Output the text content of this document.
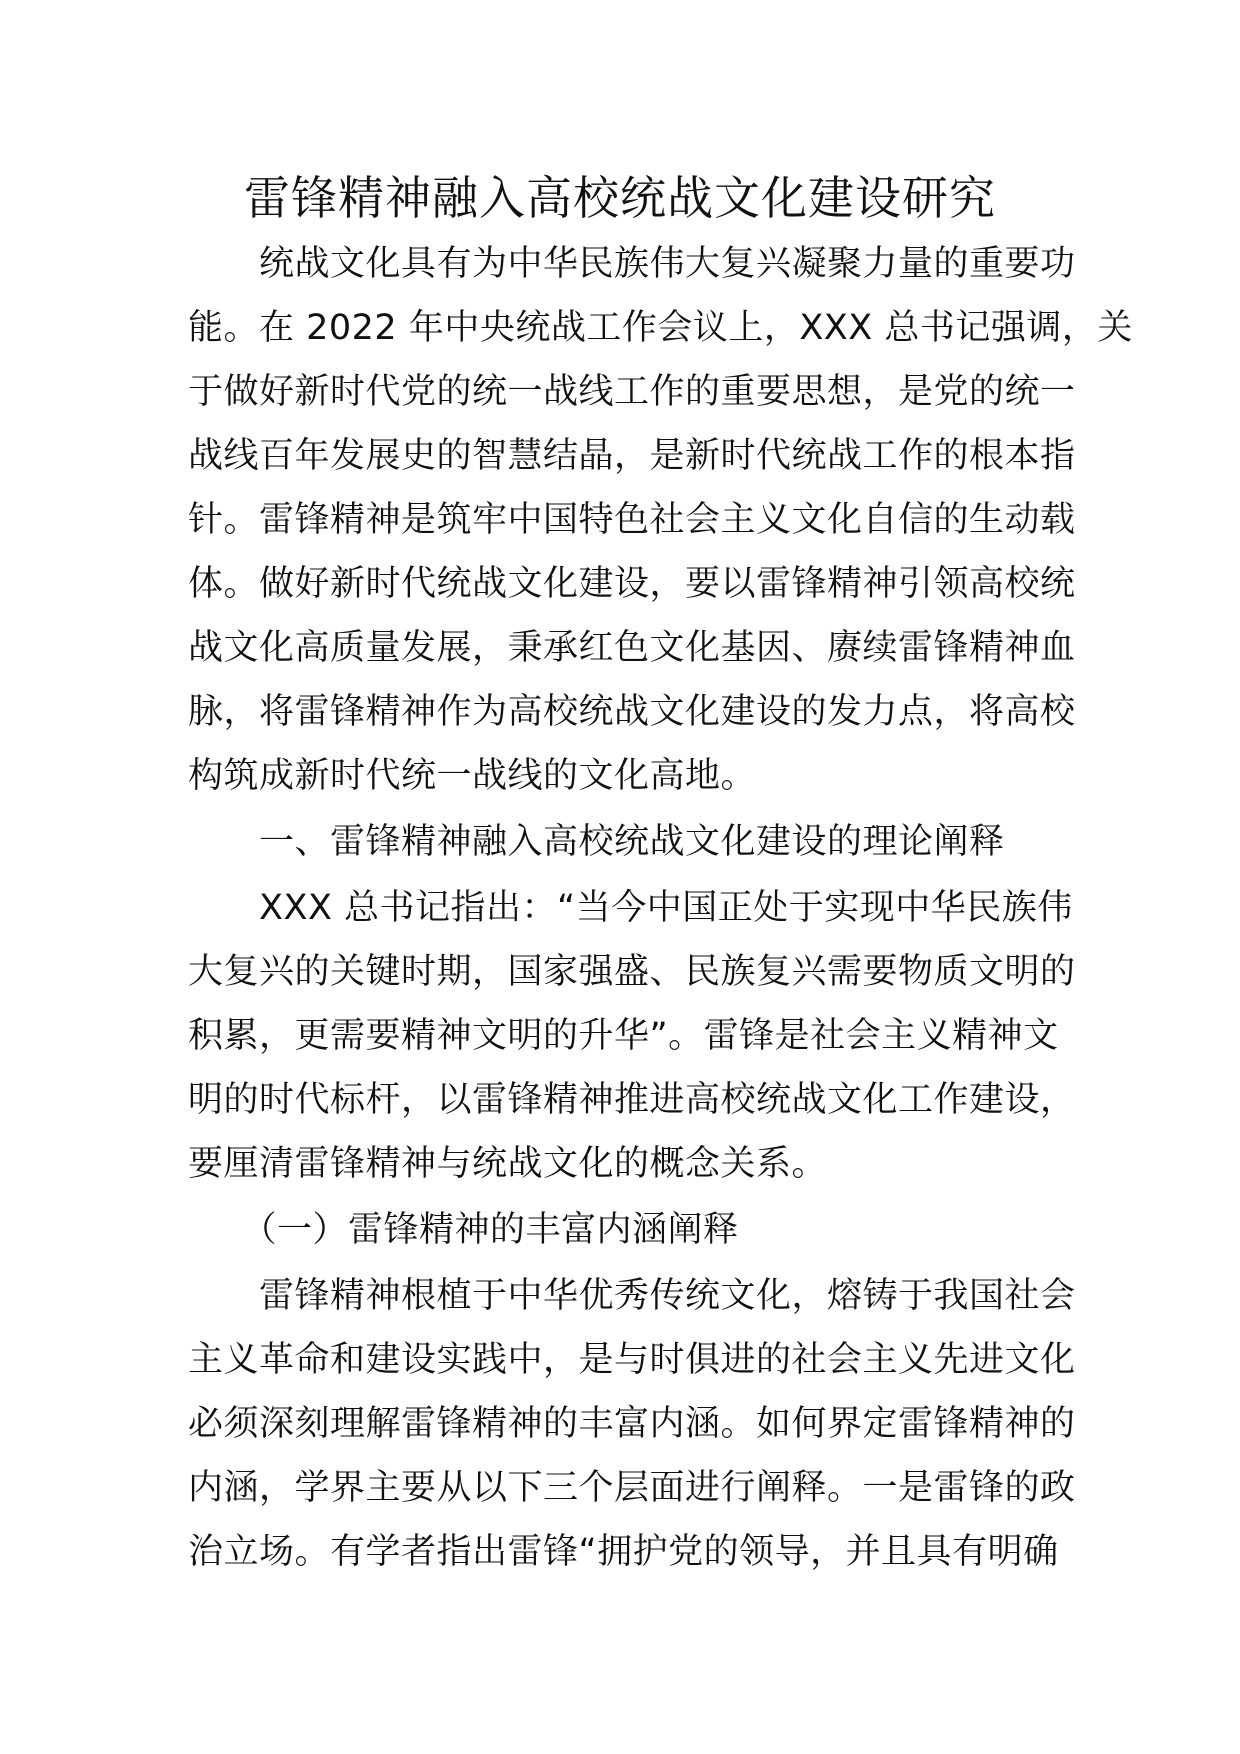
雷锋精神融入高校统战文化建设研究
　　统战文化具有为中华民族伟大复兴凝聚力量的重要功
能。在 2022 年中央统战工作会议上，XXX 总书记强调，关
于做好新时代党的统一战线工作的重要思想，是党的统一
战线百年发展史的智慧结晶，是新时代统战工作的根本指
针。雷锋精神是筑牢中国特色社会主义文化自信的生动载
体。做好新时代统战文化建设，要以雷锋精神引领高校统
战文化高质量发展，秉承红色文化基因、赓续雷锋精神血
脉，将雷锋精神作为高校统战文化建设的发力点，将高校
构筑成新时代统一战线的文化高地。
　　一、雷锋精神融入高校统战文化建设的理论阐释
　　XXX 总书记指出：“当今中国正处于实现中华民族伟
大复兴的关键时期，国家强盛、民族复兴需要物质文明的
积累，更需要精神文明的升华”。雷锋是社会主义精神文
明的时代标杆，以雷锋精神推进高校统战文化工作建设，
要厘清雷锋精神与统战文化的概念关系。
　　（一）雷锋精神的丰富内涵阐释
　　雷锋精神根植于中华优秀传统文化，熔铸于我国社会
主义革命和建设实践中，是与时俱进的社会主义先进文化
必须深刻理解雷锋精神的丰富内涵。如何界定雷锋精神的
内涵，学界主要从以下三个层面进行阐释。一是雷锋的政
治立场。有学者指出雷锋“拥护党的领导，并且具有明确
